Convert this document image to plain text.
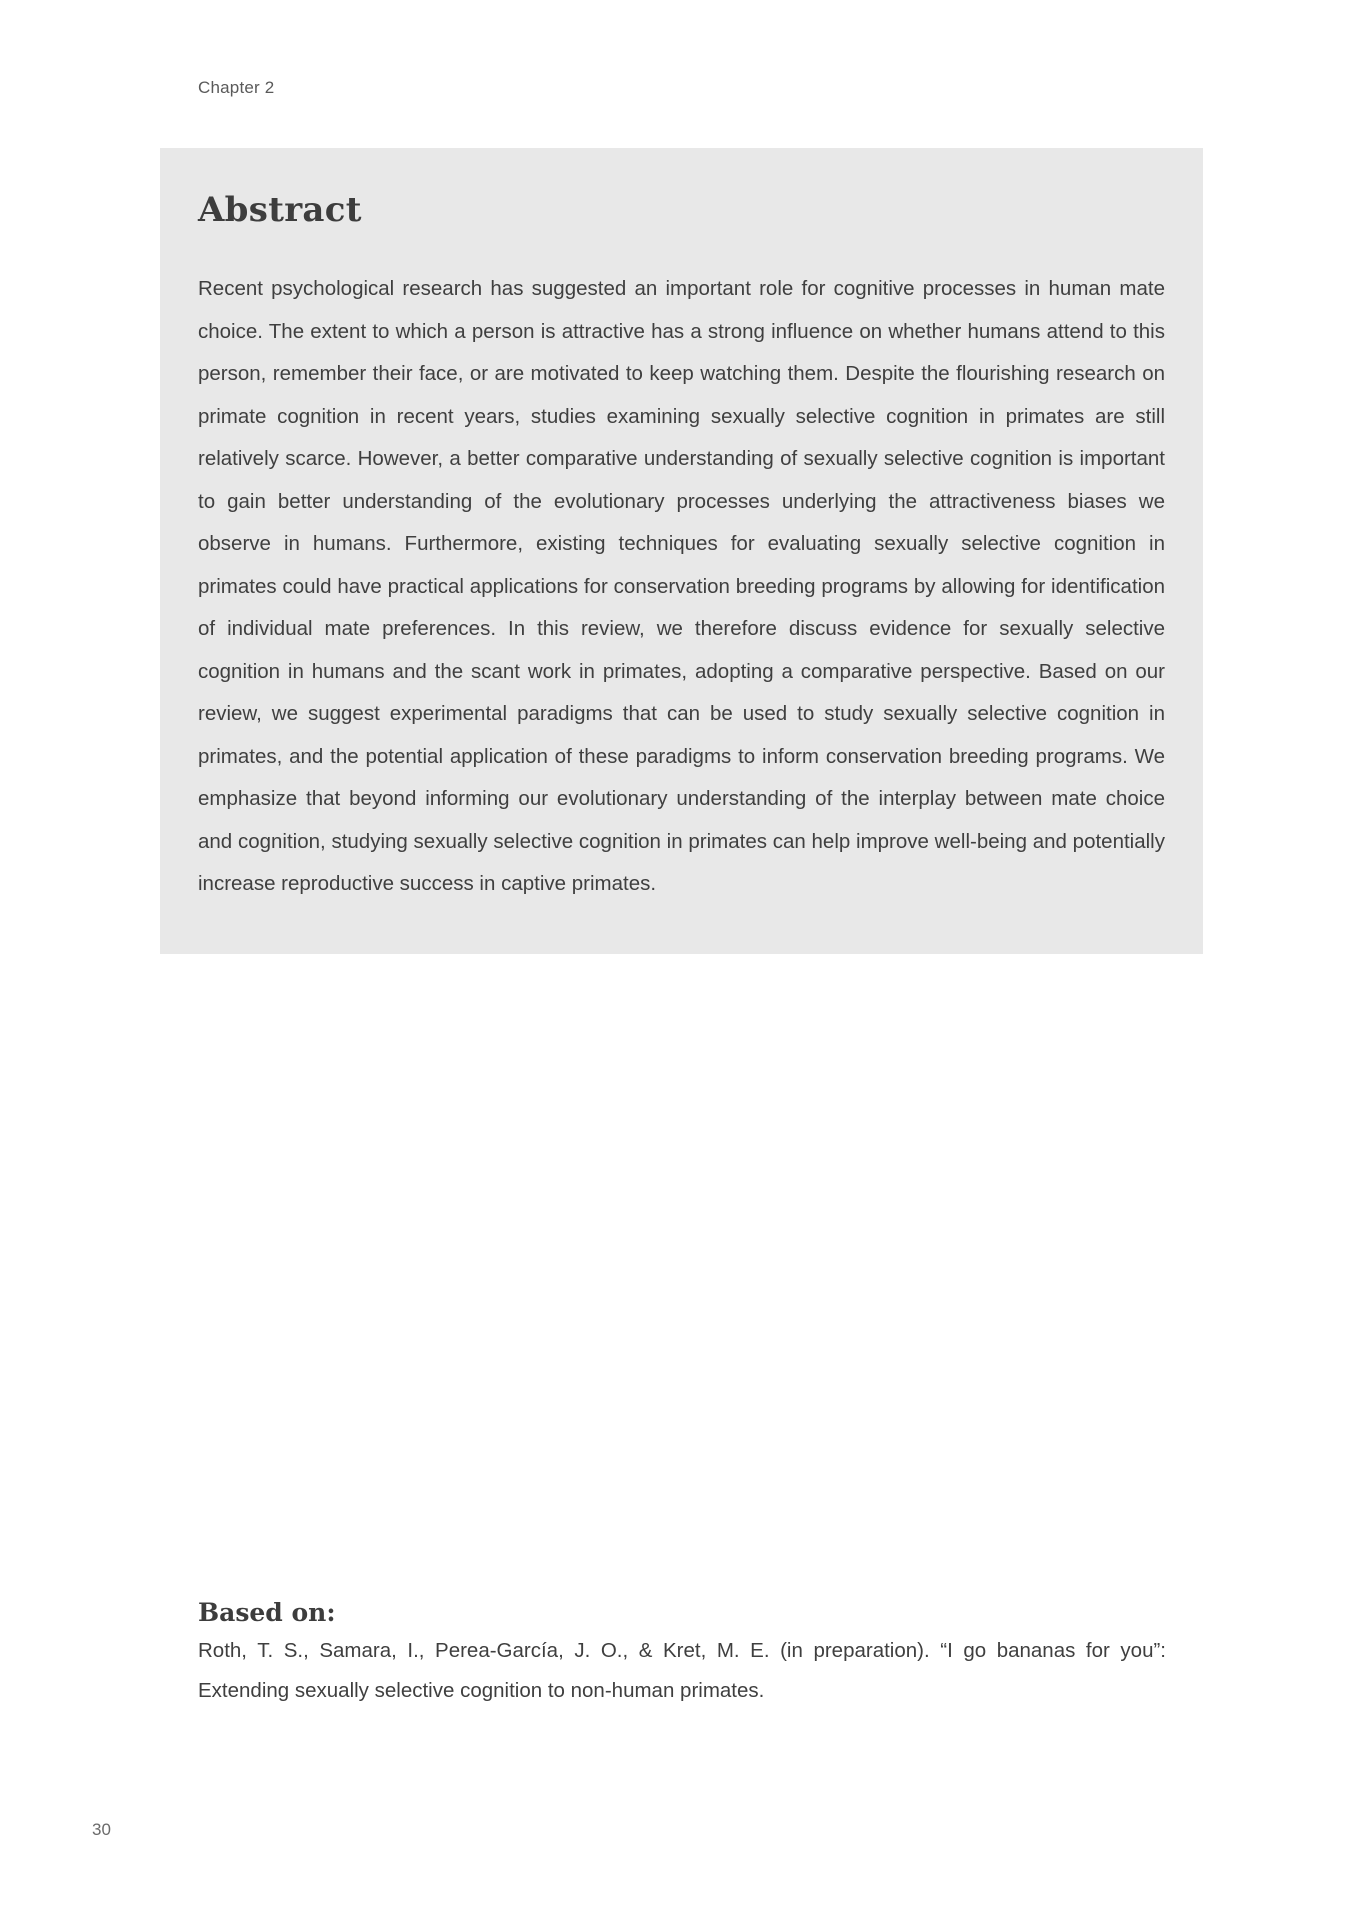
Chapter 2
Abstract

Recent psychological research has suggested an important role for cognitive processes in human mate choice. The extent to which a person is attractive has a strong influence on whether humans attend to this person, remember their face, or are motivated to keep watching them. Despite the flourishing research on primate cognition in recent years, studies examining sexually selective cognition in primates are still relatively scarce. However, a better comparative understanding of sexually selective cognition is important to gain better understanding of the evolutionary processes underlying the attractiveness biases we observe in humans. Furthermore, existing techniques for evaluating sexually selective cognition in primates could have practical applications for conservation breeding programs by allowing for identification of individual mate preferences. In this review, we therefore discuss evidence for sexually selective cognition in humans and the scant work in primates, adopting a comparative perspective. Based on our review, we suggest experimental paradigms that can be used to study sexually selective cognition in primates, and the potential application of these paradigms to inform conservation breeding programs. We emphasize that beyond informing our evolutionary understanding of the interplay between mate choice and cognition, studying sexually selective cognition in primates can help improve well-being and potentially increase reproductive success in captive primates.

Based on:

Roth, T. S., Samara, I., Perea-García, J. O., & Kret, M. E. (in preparation). “I go bananas for you”: Extending sexually selective cognition to non-human primates.

30
